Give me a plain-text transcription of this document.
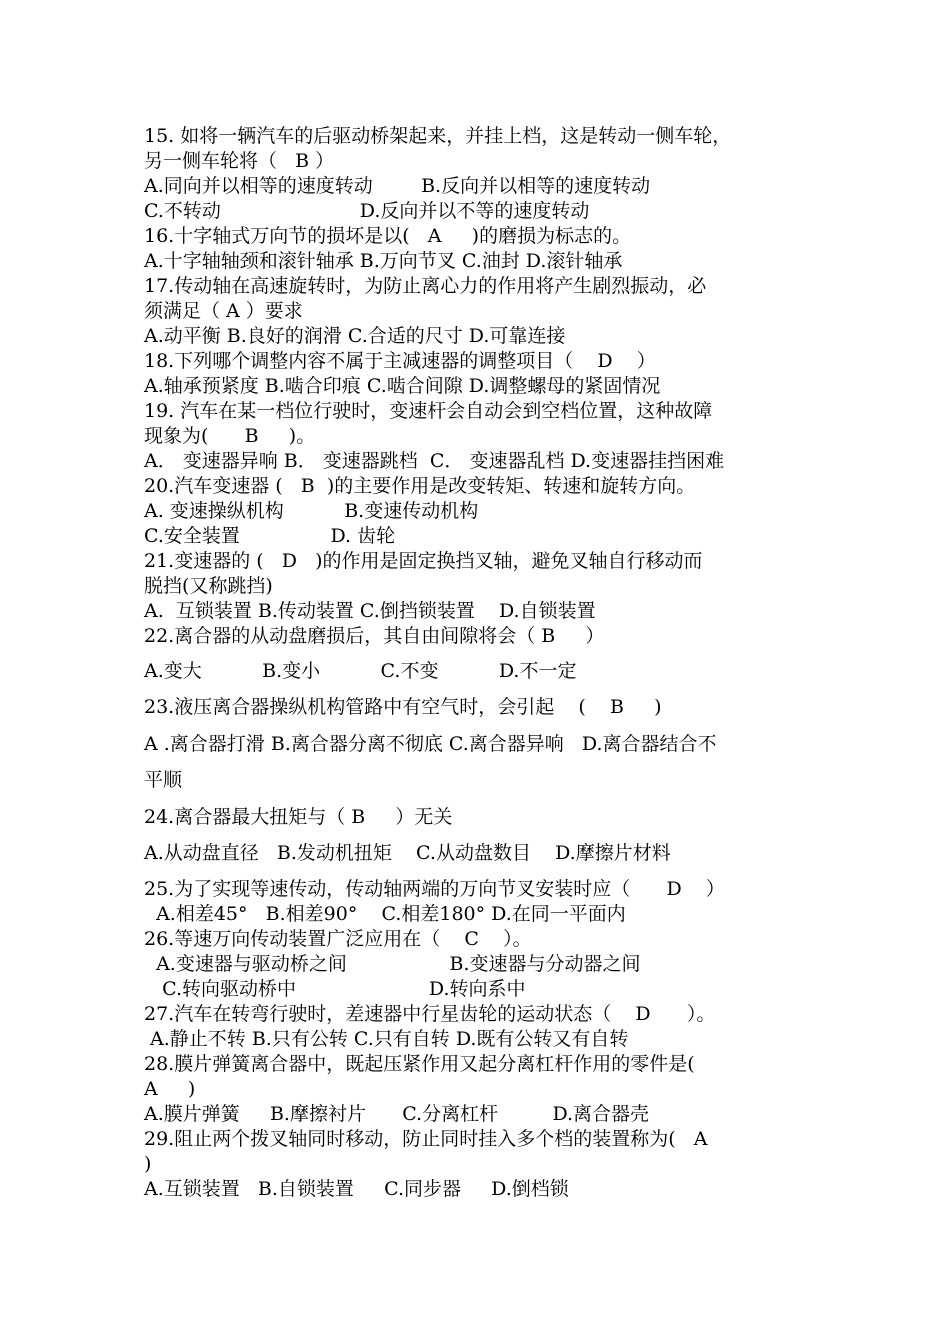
15. 如将一辆汽车的后驱动桥架起来，并挂上档，这是转动一侧车轮，

另一侧车轮将（   B ）

A.同向并以相等的速度转动        B.反向并以相等的速度转动

C.不转动                       D.反向并以不等的速度转动

16.十字轴式万向节的损坏是以(   A     )的磨损为标志的。

A.十字轴轴颈和滚针轴承 B.万向节叉 C.油封 D.滚针轴承

17.传动轴在高速旋转时，为防止离心力的作用将产生剧烈振动，必

须满足（ A ）要求

A.动平衡 B.良好的润滑 C.合适的尺寸 D.可靠连接

18.下列哪个调整内容不属于主减速器的调整项目（    D    ）

A.轴承预紧度 B.啮合印痕 C.啮合间隙 D.调整螺母的紧固情况

19. 汽车在某一档位行驶时，变速杆会自动会到空档位置，这种故障

现象为(      B     )。

A． 变速器异响 B． 变速器跳档  C． 变速器乱档 D.变速器挂挡困难

20.汽车变速器 (   B  )的主要作用是改变转矩、转速和旋转方向。

A. 变速操纵机构          B.变速传动机构

C.安全装置               D. 齿轮

21.变速器的 (   D   )的作用是固定换挡叉轴，避免叉轴自行移动而

脱挡(又称跳挡)

A.  互锁装置 B.传动装置 C.倒挡锁装置    D.自锁装置

22.离合器的从动盘磨损后，其自由间隙将会（ B     ）

A.变大          B.变小          C.不变          D.不一定

23.液压离合器操纵机构管路中有空气时，会引起    (    B     )

A .离合器打滑 B.离合器分离不彻底 C.离合器异响   D.离合器结合不

平顺

24.离合器最大扭矩与（ B     ）无关

A.从动盘直径   B.发动机扭矩    C.从动盘数目    D.摩擦片材料

25.为了实现等速传动，传动轴两端的万向节叉安装时应（      D    ）

A.相差45°   B.相差90°    C.相差180° D.在同一平面内

26.等速万向传动装置广泛应用在（    C    ）。

A.变速器与驱动桥之间                 B.变速器与分动器之间

C.转向驱动桥中                      D.转向系中

27.汽车在转弯行驶时，差速器中行星齿轮的运动状态（    D      ）。

A.静止不转 B.只有公转 C.只有自转 D.既有公转又有自转

28.膜片弹簧离合器中，既起压紧作用又起分离杠杆作用的零件是(

A     )

A.膜片弹簧     B.摩擦衬片      C.分离杠杆         D.离合器壳

29.阻止两个拨叉轴同时移动，防止同时挂入多个档的装置称为(   A

)

A.互锁装置   B.自锁装置     C.同步器     D.倒档锁
